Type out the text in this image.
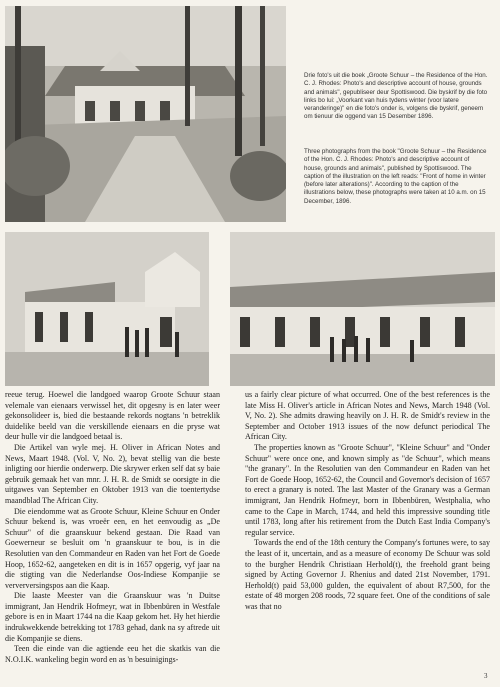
Drie foto's uit die boek „Groote Schuur – the Residence of the Hon. C. J. Rhodes: Photo's and descriptive account of house, grounds and animals", gepubliseer deur Spottiswood. Die byskrif by die foto links bo lui: „Voorkant van huis tydens winter (voor latere veranderinge)" en die foto's onder is, volgens die byskrif, geneem om tienuur die oggend van 15 Desember 1896.
Three photographs from the book "Groote Schuur – the Residence of the Hon. C. J. Rhodes: Photo's and descriptive account of house, grounds and animals", published by Spottiswood. The caption of the illustration on the left reads: "Front of home in winter (before later alterations)". According to the caption of the illustrations below, these photographs were taken at 10 a.m. on 15 December, 1896.

reeue terug. Hoewel die landgoed waarop Groote Schuur staan velemale van eienaars verwissel het, dit opgesny is en later weer gekonsolideer is, bied die bestaande rekords nogtans 'n betreklik duidelike beeld van die verskillende eienaars en die pryse wat deur hulle vir die landgoed betaal is.

Die Artikel van wyle mej. H. Oliver in African Notes and News, Maart 1948. (Vol. V, No. 2), bevat stellig van die beste inligting oor hierdie onderwerp. Die skrywer erken self dat sy baie gebruik gemaak het van mnr. J. H. R. de Smidt se oorsigte in die uitgawes van September en Oktober 1913 van die toentertydse maandblad The African City.

Die eiendomme wat as Groote Schuur, Kleine Schuur en Onder Schuur bekend is, was vroeër een, en het eenvoudig as „De Schuur" of die graanskuur bekend gestaan. Die Raad van Goewerneur se besluit om 'n graanskuur te bou, is in die Resolutien van den Commandeur en Raden van het Fort de Goede Hoop, 1652-62, aangeteken en dit is in 1657 opgerig, vyf jaar na die stigting van die Nederlandse Oos-Indiese Kompanjie se ververversingspos aan die Kaap.

Die laaste Meester van die Graanskuur was 'n Duitse immigrant, Jan Hendrik Hofmeyr, wat in Ibbenbüren in Westfale gebore is en in Maart 1744 na die Kaap gekom het. Hy het hierdie indrukwekkende betrekking tot 1783 gehad, dank na sy aftrede uit die Kompanjie se diens.

Teen die einde van die agtiende eeu het die skatkis van die N.O.I.K. wankeling begin word en as 'n besuinigings-

us a fairly clear picture of what occurred. One of the best references is the late Miss H. Oliver's article in African Notes and News, March 1948 (Vol. V, No. 2). She admits drawing heavily on J. H. R. de Smidt's review in the September and October 1913 issues of the now defunct periodical The African City.

The properties known as "Groote Schuur", "Kleine Schuur" and "Onder Schuur" were once one, and known simply as "de Schuur", which means "the granary". In the Resolutien van den Commandeur en Raden van het Fort de Goede Hoop, 1652-62, the Council and Governor's decision of 1657 to erect a granary is noted. The last Master of the Granary was a German immigrant, Jan Hendrik Hofmeyr, born in Ibbenbüren, Westphalia, who came to the Cape in March, 1744, and held this impressive sounding title until 1783, long after his retirement from the Dutch East India Company's regular service.

Towards the end of the 18th century the Company's fortunes were, to say the least of it, uncertain, and as a measure of economy De Schuur was sold to the burgher Hendrik Christiaan Herhold(t), the freehold grant being signed by Acting Governor J. Rhenius and dated 21st November, 1791. Herhold(t) paid 53,000 gulden, the equivalent of about R7,500, for the estate of 48 morgen 208 roods, 72 square feet. One of the conditions of sale was that no

3
